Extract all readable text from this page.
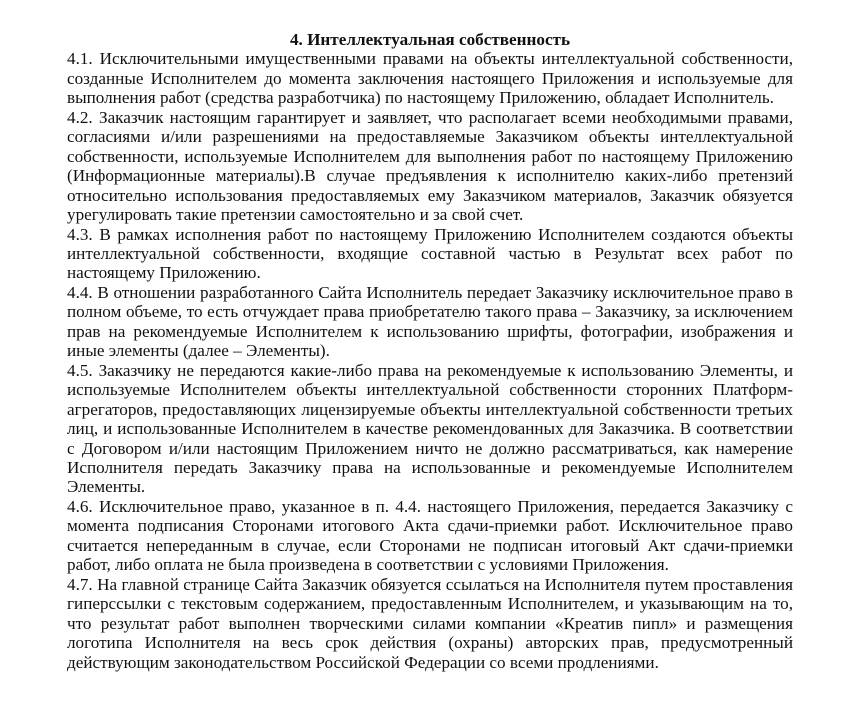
4. Интеллектуальная собственность

4.1. Исключительными имущественными правами на объекты интеллектуальной собственности, созданные Исполнителем до момента заключения настоящего Приложения и используемые для выполнения работ (средства разработчика) по настоящему Приложению, обладает Исполнитель.

4.2. Заказчик настоящим гарантирует и заявляет, что располагает всеми необходимыми правами, согласиями и/или разрешениями на предоставляемые Заказчиком объекты интеллектуальной собственности, используемые Исполнителем для выполнения работ по настоящему Приложению (Информационные материалы).В случае предъявления к исполнителю каких-либо претензий относительно использования предоставляемых ему Заказчиком материалов, Заказчик обязуется урегулировать такие претензии самостоятельно и за свой счет.

4.3. В рамках исполнения работ по настоящему Приложению Исполнителем создаются объекты интеллектуальной собственности, входящие составной частью в Результат всех работ по настоящему Приложению.

4.4. В отношении разработанного Сайта Исполнитель передает Заказчику исключительное право в полном объеме, то есть отчуждает права приобретателю такого права – Заказчику, за исключением прав на рекомендуемые Исполнителем к использованию шрифты, фотографии, изображения и иные элементы (далее – Элементы).

4.5. Заказчику не передаются какие-либо права на рекомендуемые к использованию Элементы, и используемые Исполнителем объекты интеллектуальной собственности сторонних Платформ-агрегаторов, предоставляющих лицензируемые объекты интеллектуальной собственности третьих лиц, и использованные Исполнителем в качестве рекомендованных для Заказчика. В соответствии с Договором и/или настоящим Приложением ничто не должно рассматриваться, как намерение Исполнителя передать Заказчику права на использованные и рекомендуемые Исполнителем Элементы.

4.6. Исключительное право, указанное в п. 4.4. настоящего Приложения, передается Заказчику с момента подписания Сторонами итогового Акта сдачи-приемки работ. Исключительное право считается непереданным в случае, если Сторонами не подписан итоговый Акт сдачи-приемки работ, либо оплата не была произведена в соответствии с условиями Приложения.

4.7. На главной странице Сайта Заказчик обязуется ссылаться на Исполнителя путем проставления гиперссылки с текстовым содержанием, предоставленным Исполнителем, и указывающим на то, что результат работ выполнен творческими силами компании «Креатив пипл» и размещения логотипа Исполнителя на весь срок действия (охраны) авторских прав, предусмотренный действующим законодательством Российской Федерации со всеми продлениями.
